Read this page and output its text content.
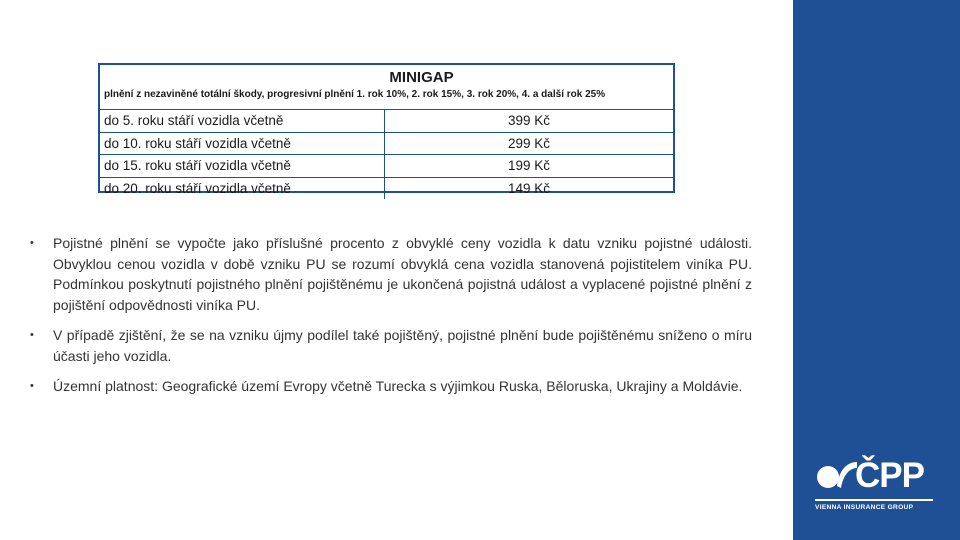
MINIGAP
plnění z nezaviněné totální škody, progresivní plnění 1. rok 10%, 2. rok 15%, 3. rok 20%, 4. a další rok 25%
do 5. roku stáří vozidla včetně	399 Kč
do 10. roku stáří vozidla včetně	299 Kč
do 15. roku stáří vozidla včetně	199 Kč
do 20. roku stáří vozidla včetně	149 Kč
• Pojistné plnění se vypočte jako příslušné procento z obvyklé ceny vozidla k datu vzniku pojistné události. Obvyklou cenou vozidla v době vzniku PU se rozumí obvyklá cena vozidla stanovená pojistitelem viníka PU. Podmínkou poskytnutí pojistného plnění pojištěnému je ukončená pojistná událost a vyplacené pojistné plnění z pojištění odpovědnosti viníka PU.
• V případě zjištění, že se na vzniku újmy podílel také pojištěný, pojistné plnění bude pojištěnému sníženo o míru účasti jeho vozidla.
• Územní platnost: Geografické území Evropy včetně Turecka s výjimkou Ruska, Běloruska, Ukrajiny a Moldávie.
ČPP
VIENNA INSURANCE GROUP
